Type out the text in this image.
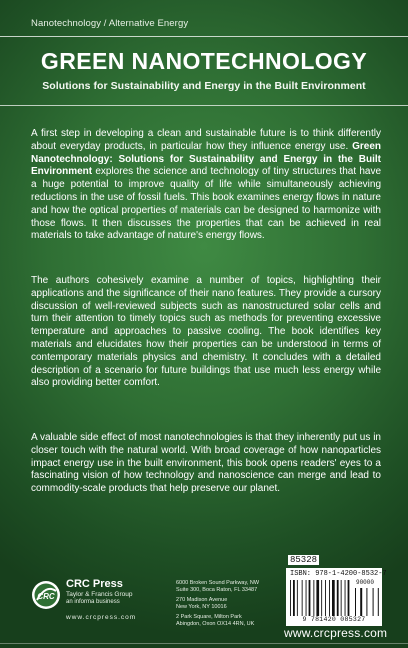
Nanotechnology / Alternative Energy
GREEN NANOTECHNOLOGY
Solutions for Sustainability and Energy in the Built Environment

A first step in developing a clean and sustainable future is to think differently about everyday products, in particular how they influence energy use. Green Nanotechnology: Solutions for Sustainability and Energy in the Built Environment explores the science and technology of tiny structures that have a huge potential to improve quality of life while simultaneously achieving reductions in the use of fossil fuels. This book examines energy flows in nature and how the optical properties of materials can be designed to harmonize with those flows. It then discusses the properties that can be achieved in real materials to take advantage of nature's energy flows.

The authors cohesively examine a number of topics, highlighting their applications and the significance of their nano features. They provide a cursory discussion of well-reviewed subjects such as nanostructured solar cells and turn their attention to timely topics such as methods for preventing excessive temperature and approaches to passive cooling. The book identifies key materials and elucidates how their properties can be understood in terms of contemporary materials physics and chemistry. It concludes with a detailed description of a scenario for future buildings that use much less energy while also providing better comfort.

A valuable side effect of most nanotechnologies is that they inherently put us in closer touch with the natural world. With broad coverage of how nanoparticles impact energy use in the built environment, this book opens readers' eyes to a fascinating vision of how technology and nanoscience can merge and lead to commodity-scale products that help preserve our planet.

CRC
CRC Press
Taylor & Francis Group
an informa business
www.crcpress.com
6000 Broken Sound Parkway, NW
Suite 300, Boca Raton, FL 33487
270 Madison Avenue
New York, NY 10016
2 Park Square, Milton Park
Abingdon, Oxon OX14 4RN, UK
85328
ISBN: 978-1-4200-8532-7
90000
9 781420 085327
www.crcpress.com
